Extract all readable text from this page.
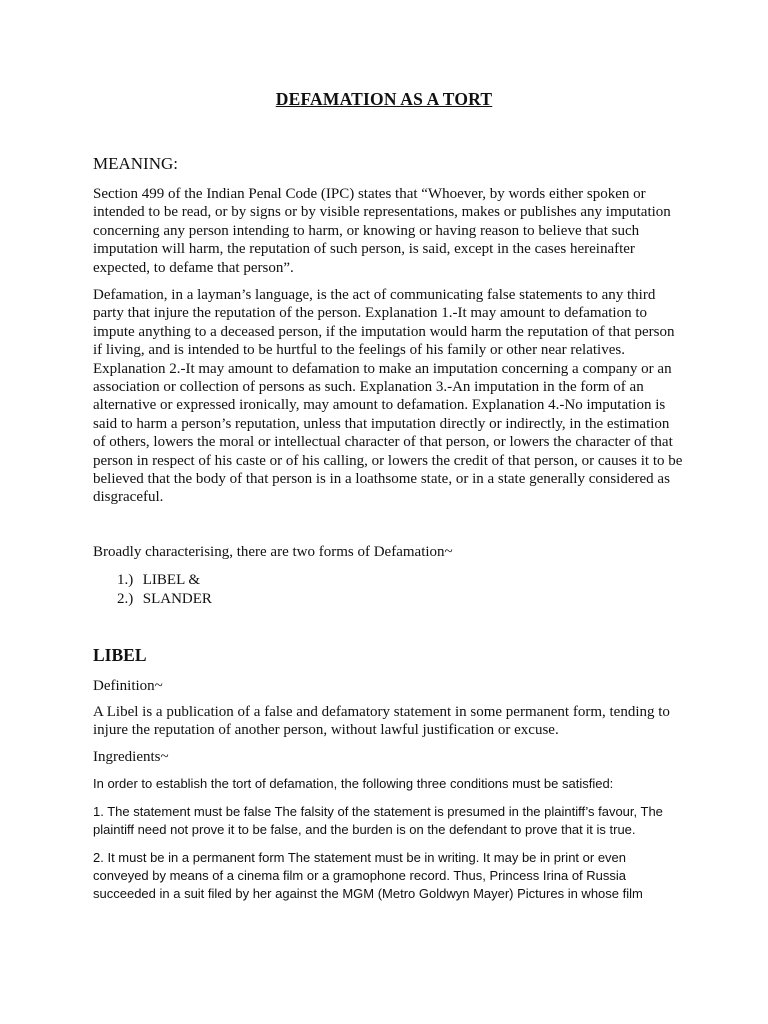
DEFAMATION AS A TORT
MEANING:

Section 499 of the Indian Penal Code (IPC) states that “Whoever, by words either spoken or intended to be read, or by signs or by visible representations, makes or publishes any imputation concerning any person intending to harm, or knowing or having reason to believe that such imputation will harm, the reputation of such person, is said, except in the cases hereinafter expected, to defame that person”.

Defamation, in a layman’s language, is the act of communicating false statements to any third party that injure the reputation of the person. Explanation 1.-It may amount to defamation to impute anything to a deceased person, if the imputation would harm the reputation of that person if living, and is intended to be hurtful to the feelings of his family or other near relatives. Explanation 2.-It may amount to defamation to make an imputation concerning a company or an association or collection of persons as such. Explanation 3.-An imputation in the form of an alternative or expressed ironically, may amount to defamation. Explanation 4.-No imputation is said to harm a person’s reputation, unless that imputation directly or indirectly, in the estimation of others, lowers the moral or intellectual character of that person, or lowers the character of that person in respect of his caste or of his calling, or lowers the credit of that person, or causes it to be believed that the body of that person is in a loathsome state, or in a state generally considered as disgraceful.

Broadly characterising, there are two forms of Defamation~

1.) LIBEL &
2.) SLANDER
LIBEL

Definition~

A Libel is a publication of a false and defamatory statement in some permanent form, tending to injure the reputation of another person, without lawful justification or excuse.

Ingredients~

In order to establish the tort of defamation, the following three conditions must be satisfied:

1. The statement must be false The falsity of the statement is presumed in the plaintiff’s favour, The plaintiff need not prove it to be false, and the burden is on the defendant to prove that it is true.

2. It must be in a permanent form The statement must be in writing. It may be in print or even conveyed by means of a cinema film or a gramophone record. Thus, Princess Irina of Russia succeeded in a suit filed by her against the MGM (Metro Goldwyn Mayer) Pictures in whose film
